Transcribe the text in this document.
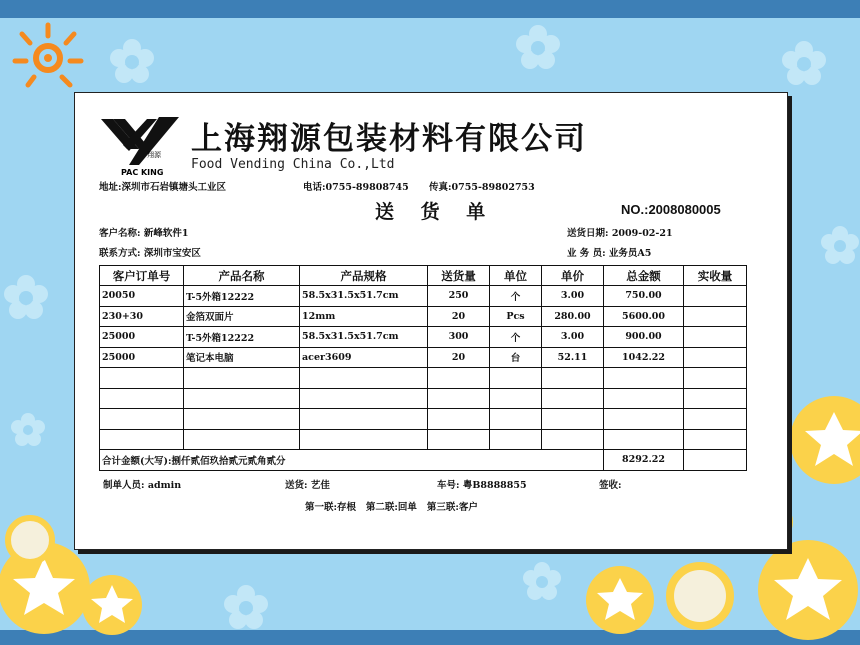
翔源
PAC KING
上海翔源包装材料有限公司
Food Vending China Co.,Ltd
地址:深圳市石岩镇塘头工业区	电话:0755-89808745 传真:0755-89802753
送 货 单	NO.:2008080005
客户名称: 新峰软件1
联系方式: 深圳市宝安区
送货日期: 2009-02-21
业 务 员: 业务员A5
客户订单号	产品名称	产品规格	送货量	单位	单价	总金额	实收量
20050	T-5外箱12222	58.5x31.5x51.7cm	250	个	3.00	750.00	
230+30	金箔双面片	12mm	20	Pcs	280.00	5600.00	
25000	T-5外箱12222	58.5x31.5x51.7cm	300	个	3.00	900.00	
25000	笔记本电脑	acer3609	20	台	52.11	1042.22	

合计金额(大写):捌仟贰佰玖拾贰元贰角贰分						8292.22	
制单人员: admin	送货: 艺佳	车号: 粤B8888855	签收:
第一联:存根   第二联:回单   第三联:客户
